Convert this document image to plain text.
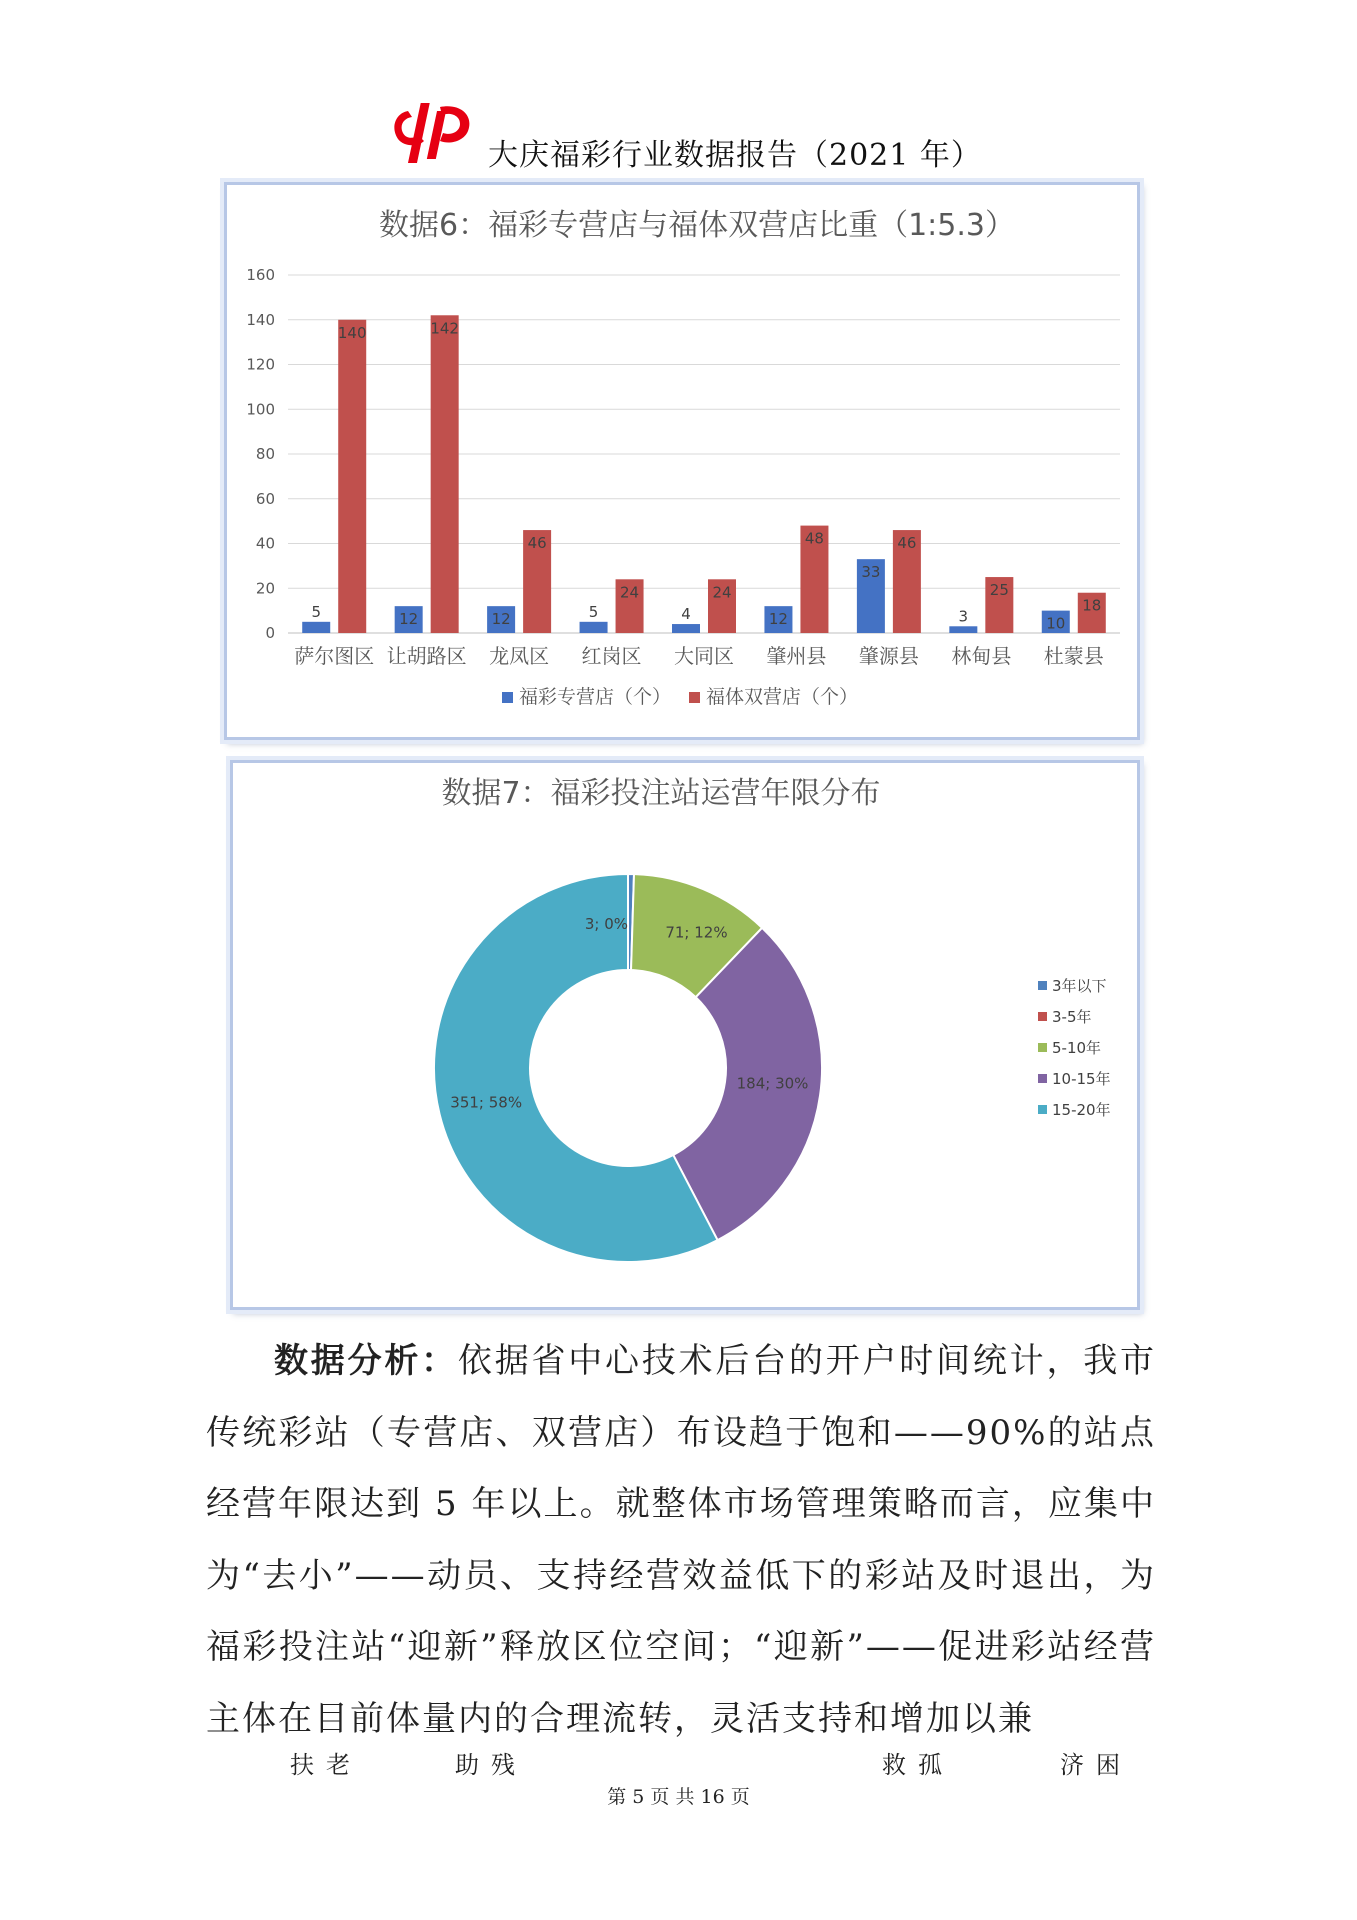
大庆福彩行业数据报告（2021 年）
数据6：福彩专营店与福体双营店比重（1:5.3）
0
20
40
60
80
100
120
140
160
萨尔图区
5
140
让胡路区
12
142
龙凤区
12
46
红岗区
5
24
大同区
4
24
肇州县
12
48
肇源县
33
46
林甸县
3
25
杜蒙县
10
18
福彩专营店（个） 福体双营店（个）
数据7：福彩投注站运营年限分布
3; 0% 71; 12%
184; 30%
351; 58%
3年以下
3-5年
5-10年
10-15年
15-20年

数据分析：依据省中心技术后台的开户时间统计，我市传统彩站（专营店、双营店）布设趋于饱和——90%的站点经营年限达到 5 年以上。就整体市场管理策略而言，应集中为“去小”——动员、支持经营效益低下的彩站及时退出，为福彩投注站“迎新”释放区位空间；“迎新”——促进彩站经营主体在目前体量内的合理流转，灵活支持和增加以兼

扶老	助残	救孤	济困
第 5 页 共 16 页
